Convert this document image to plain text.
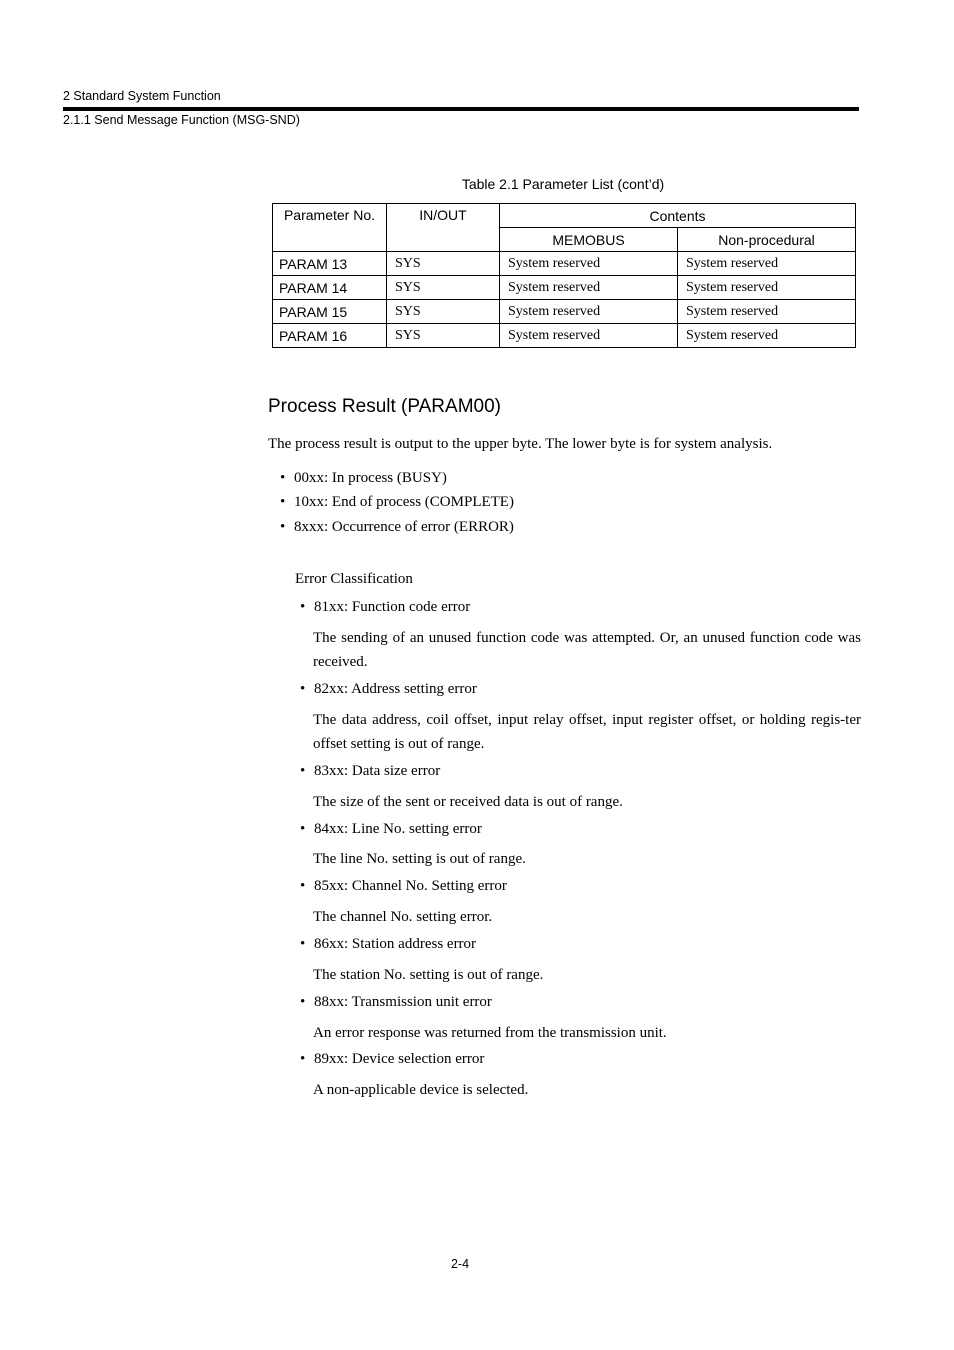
2 Standard System Function
2.1.1 Send Message Function (MSG-SND)
Table 2.1 Parameter List (cont’d)
Parameter No.	IN/OUT	Contents	
		MEMOBUS	Non-procedural
PARAM 13	SYS	System reserved	System reserved
PARAM 14	SYS	System reserved	System reserved
PARAM 15	SYS	System reserved	System reserved
PARAM 16	SYS	System reserved	System reserved
Process Result (PARAM00)
The process result is output to the upper byte. The lower byte is for system analysis.
• 00xx: In process (BUSY)
• 10xx: End of process (COMPLETE)
• 8xxx: Occurrence of error (ERROR)
Error Classification
• 81xx: Function code error
The sending of an unused function code was attempted. Or, an unused function code was received.
• 82xx: Address setting error
The data address, coil offset, input relay offset, input register offset, or holding regis-ter offset setting is out of range.
• 83xx: Data size error
The size of the sent or received data is out of range.
• 84xx: Line No. setting error
The line No. setting is out of range.
• 85xx: Channel No. Setting error
The channel No. setting error.
• 86xx: Station address error
The station No. setting is out of range.
• 88xx: Transmission unit error
An error response was returned from the transmission unit.
• 89xx: Device selection error
A non-applicable device is selected.
2-4
